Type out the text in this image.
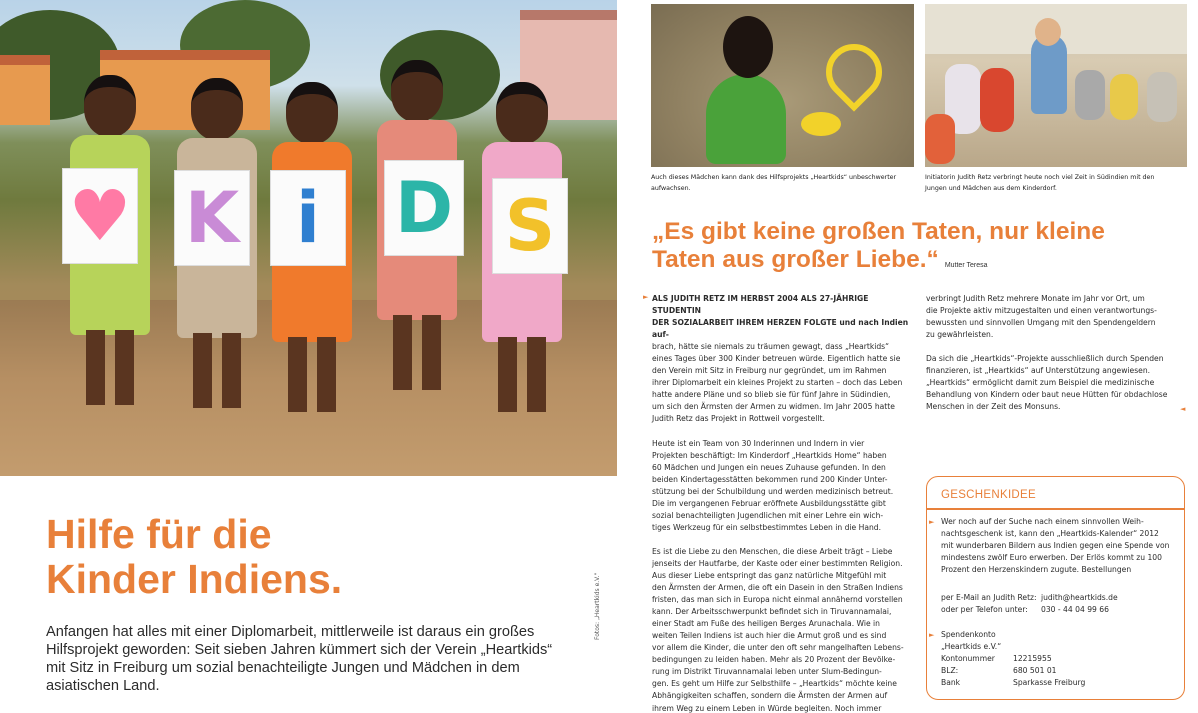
♥ K i	D S
Fotos: „Heartkids e.V."
Hilfe für die
Kinder Indiens.
Anfangen hat alles mit einer Diplomarbeit, mittlerweile ist daraus ein großes
Hilfsprojekt geworden: Seit sieben Jahren kümmert sich der Verein „Heartkids“
mit Sitz in Freiburg um sozial benachteiligte Jungen und Mädchen in dem
asiatischen Land.
Auch dieses Mädchen kann dank des Hilfsprojekts „Heartkids“ unbeschwerter
aufwachsen.
Initiatorin Judith Retz verbringt heute noch viel Zeit in Südindien mit den
Jungen und Mädchen aus dem Kinderdorf.
„Es gibt keine großen Taten, nur kleine
Taten aus großer Liebe.“ Mutter Teresa
► ALS JUDITH RETZ IM HERBST 2004 ALS 27-JÄHRIGE STUDENTIN
DER SOZIALARBEIT IHREM HERZEN FOLGTE und nach Indien auf-
brach, hätte sie niemals zu träumen gewagt, dass „Heartkids“
eines Tages über 300 Kinder betreuen würde. Eigentlich hatte sie
den Verein mit Sitz in Freiburg nur gegründet, um im Rahmen
ihrer Diplomarbeit ein kleines Projekt zu starten – doch das Leben
hatte andere Pläne und so blieb sie für fünf Jahre in Südindien,
um sich den Ärmsten der Armen zu widmen. Im Jahr 2005 hatte
Judith Retz das Projekt in Rottweil vorgestellt.

Heute ist ein Team von 30 Inderinnen und Indern in vier
Projekten beschäftigt: Im Kinderdorf „Heartkids Home“ haben
60 Mädchen und Jungen ein neues Zuhause gefunden. In den
beiden Kindertagesstätten bekommen rund 200 Kinder Unter-
stützung bei der Schulbildung und werden medizinisch betreut.
Die im vergangenen Februar eröffnete Ausbildungsstätte gibt
sozial benachteiligten Jugendlichen mit einer Lehre ein wich-
tiges Werkzeug für ein selbstbestimmtes Leben in die Hand.

Es ist die Liebe zu den Menschen, die diese Arbeit trägt – Liebe
jenseits der Hautfarbe, der Kaste oder einer bestimmten Religion.
Aus dieser Liebe entspringt das ganz natürliche Mitgefühl mit
den Ärmsten der Armen, die oft ein Dasein in den Straßen Indiens
fristen, das man sich in Europa nicht einmal annähernd vorstellen
kann. Der Arbeitsschwerpunkt befindet sich in Tiruvannamalai,
einer Stadt am Fuße des heiligen Berges Arunachala. Wie in
weiten Teilen Indiens ist auch hier die Armut groß und es sind
vor allem die Kinder, die unter den oft sehr mangelhaften Lebens-
bedingungen zu leiden haben. Mehr als 20 Prozent der Bevölke-
rung im Distrikt Tiruvannamalai leben unter Slum-Bedingun-
gen. Es geht um Hilfe zur Selbsthilfe – „Heartkids“ möchte keine
Abhängigkeiten schaffen, sondern die Ärmsten der Armen auf
ihrem Weg zu einem Leben in Würde begleiten. Noch immer

verbringt Judith Retz mehrere Monate im Jahr vor Ort, um
die Projekte aktiv mitzugestalten und einen verantwortungs-
bewussten und sinnvollen Umgang mit den Spendengeldern
zu gewährleisten.

Da sich die „Heartkids“-Projekte ausschließlich durch Spenden
finanzieren, ist „Heartkids“ auf Unterstützung angewiesen.
„Heartkids“ ermöglicht damit zum Beispiel die medizinische
Behandlung von Kindern oder baut neue Hütten für obdachlose
Menschen in der Zeit des Monsuns.	◄
GESCHENKIDEE
► Wer noch auf der Suche nach einem sinnvollen Weih-
nachtsgeschenk ist, kann den „Heartkids-Kalender“ 2012
mit wunderbaren Bildern aus Indien gegen eine Spende von
mindestens zwölf Euro erwerben. Der Erlös kommt zu 100
Prozent den Herzenskindern zugute. Bestellungen
per E-Mail an Judith Retz: judith@heartkids.de
oder per Telefon unter:	030 - 44 04 99 66
► Spendenkonto
„Heartkids e.V.“
Kontonummer	12215955
BLZ:	680 501 01
Bank	Sparkasse Freiburg
